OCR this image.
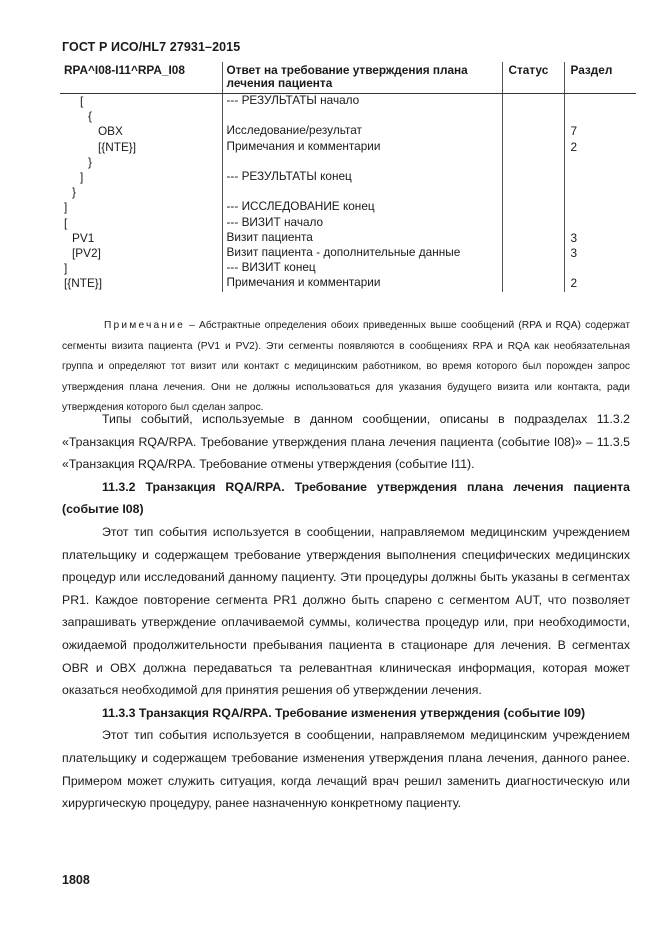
ГОСТ Р ИСО/HL7 27931–2015
RPA^I08-I11^RPA_I08	Ответ на требование утверждения плана лечения пациента	Статус	Раздел
[	--- РЕЗУЛЬТАТЫ начало		
{			
OBX	Исследование/результат		7
[{NTE}]	Примечания и комментарии		2
}			
]	--- РЕЗУЛЬТАТЫ конец		
}			
]	--- ИССЛЕДОВАНИЕ конец		
[	--- ВИЗИТ начало		
PV1	Визит пациента		3
[PV2]	Визит пациента - дополнительные данные		3
]	--- ВИЗИТ конец		
[{NTE}]	Примечания и комментарии		2
Примечание – Абстрактные определения обоих приведенных выше сообщений (RPA и RQA) содержат сегменты визита пациента (PV1 и PV2). Эти сегменты появляются в сообщениях RPA и RQA как необязательная группа и определяют тот визит или контакт с медицинским работником, во время которого был порожден запрос утверждения плана лечения. Они не должны использоваться для указания будущего визита или контакта, ради утверждения которого был сделан запрос.

Типы событий, используемые в данном сообщении, описаны в подразделах 11.3.2 «Транзакция RQA/RPA. Требование утверждения плана лечения пациента (событие I08)» – 11.3.5 «Транзакция RQA/RPA. Требование отмены утверждения (событие I11).

11.3.2 Транзакция RQA/RPA. Требование утверждения плана лечения пациента (событие I08)

Этот тип события используется в сообщении, направляемом медицинским учреждением плательщику и содержащем требование утверждения выполнения специфических медицинских процедур или исследований данному пациенту. Эти процедуры должны быть указаны в сегментах PR1. Каждое повторение сегмента PR1 должно быть спарено с сегментом AUT, что позволяет запрашивать утверждение оплачиваемой суммы, количества процедур или, при необходимости, ожидаемой продолжительности пребывания пациента в стационаре для лечения. В сегментах OBR и OBX должна передаваться та релевантная клиническая информация, которая может оказаться необходимой для принятия решения об утверждении лечения.

11.3.3 Транзакция RQA/RPA. Требование изменения утверждения (событие I09)

Этот тип события используется в сообщении, направляемом медицинским учреждением плательщику и содержащем требование изменения утверждения плана лечения, данного ранее. Примером может служить ситуация, когда лечащий врач решил заменить диагностическую или хирургическую процедуру, ранее назначенную конкретному пациенту.

1808
